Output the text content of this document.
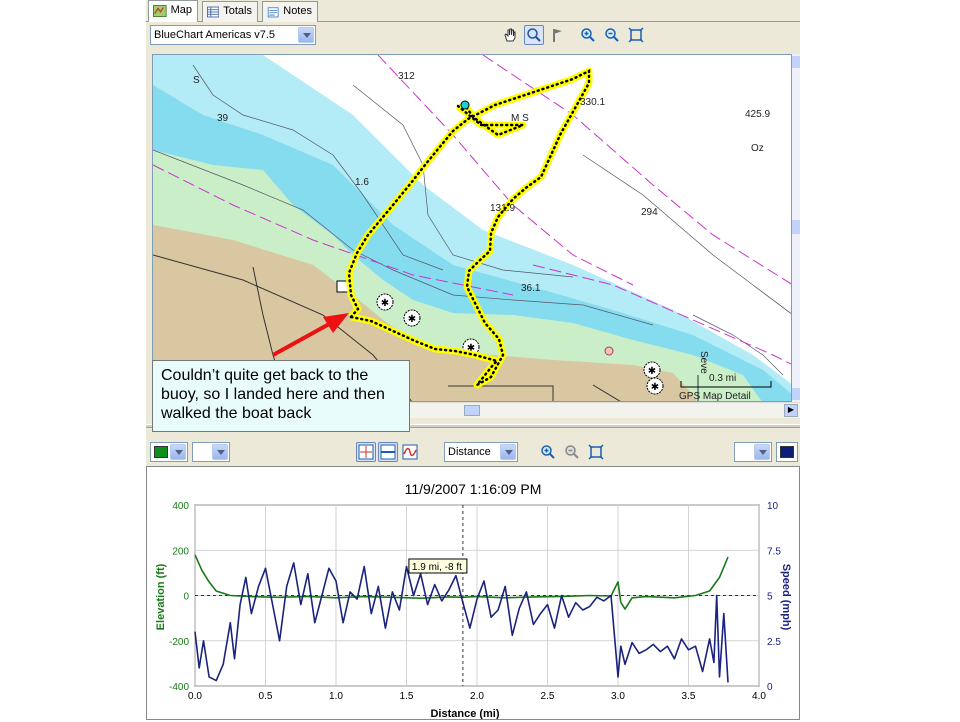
Map	Totals	Notes
BlueChart Americas v7.5
✱
✱
✱
✱
✱
S
39
312
330.1
425.9
M S
Oz
1.6
131.9	294
36.1
Seve
0.3 mi
GPS Map Detail
▶
Distance
11/9/2007 1:16:09 PM
Elevation (ft)	Speed (mph)
Distance (mi)
0.0	0.5	1.0	1.5	2.0	2.5	3.0	3.5	4.0
400
200
0
-200
-400
10
7.5
5
2.5
0
1.9 mi, -8 ft
Couldn’t quite get back to the buoy, so I landed here and then walked the boat back
